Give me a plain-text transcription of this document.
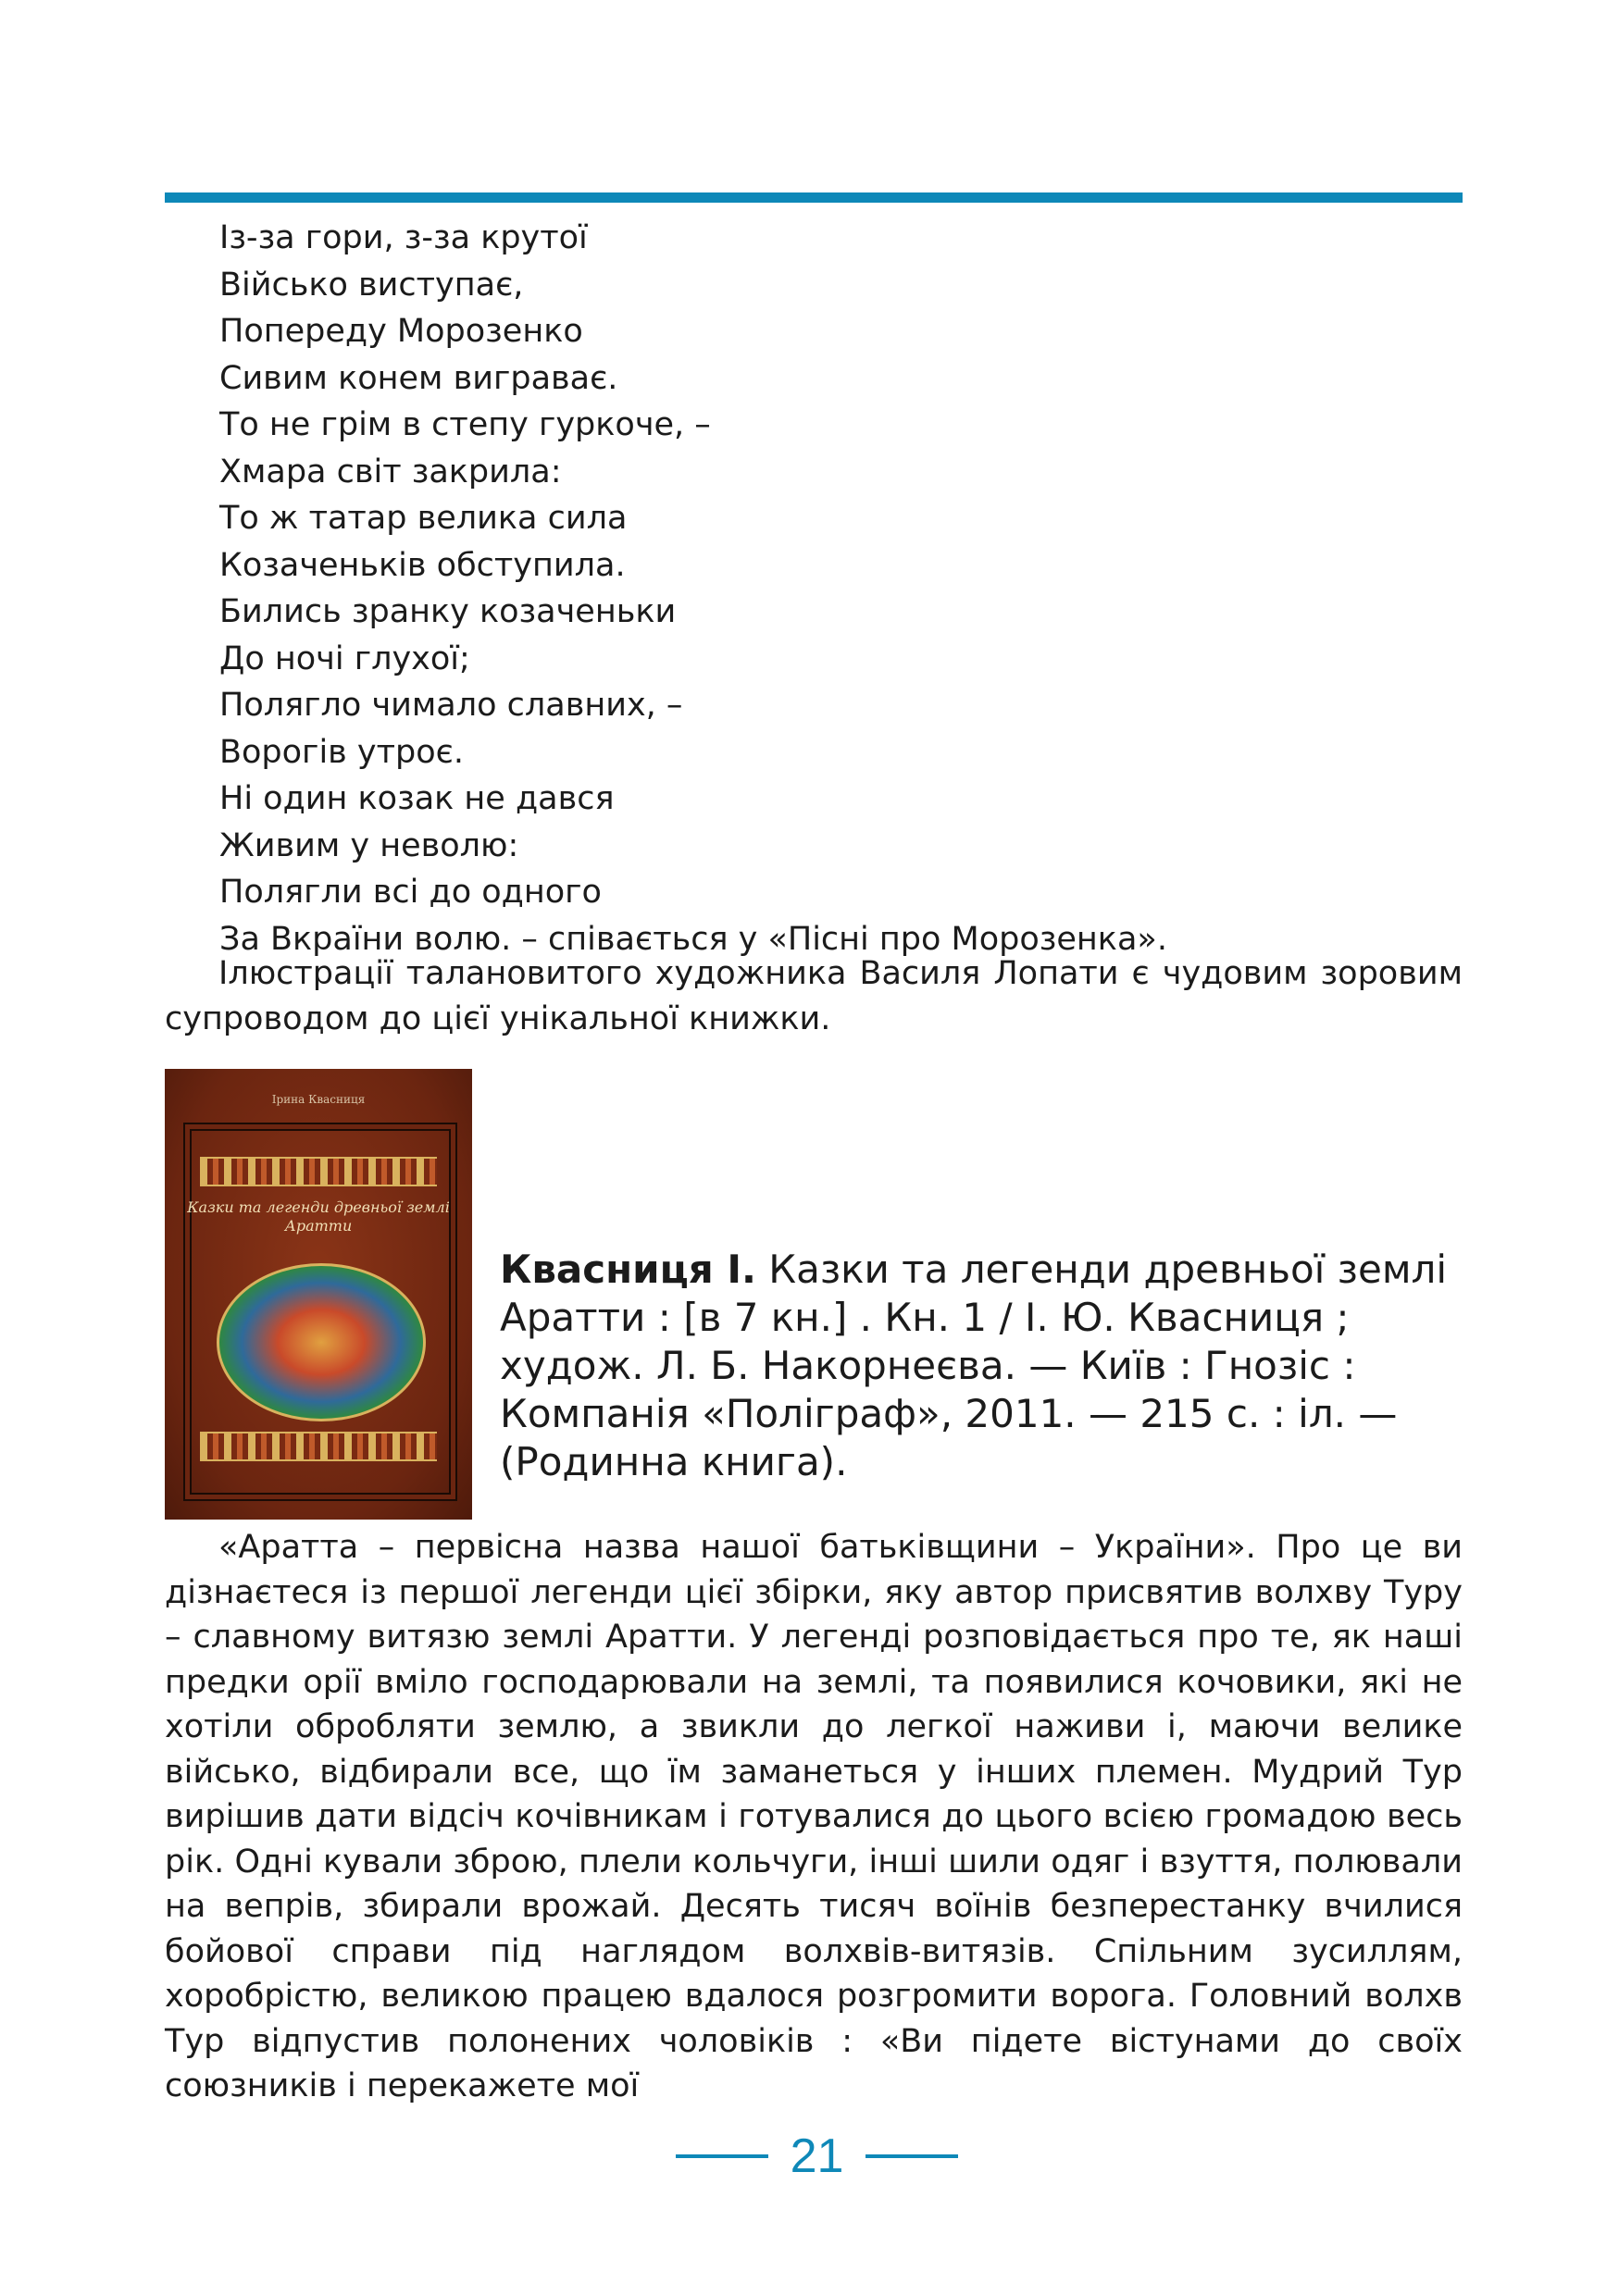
Із-за гори, з-за крутої
Військо виступає,
Попереду Морозенко
Сивим конем виграває.
То не грім в степу гуркоче, –
Хмара світ закрила:
То ж татар велика сила
Козаченьків обступила.
Бились зранку козаченьки
До ночі глухої;
Полягло чимало славних, –
Ворогів утроє.
Ні один козак не дався
Живим у неволю:
Полягли всі до одного
За Вкраїни волю. – співається у «Пісні про Морозенка».

Ілюстрації талановитого художника Василя Лопати є чудовим зоровим супроводом до цієї унікальної книжки.

Ірина Квасниця
Казки та легенди древньої землі Аратти

Квасниця І. Казки та легенди древньої землі Аратти : [в 7 кн.] . Кн. 1 / І. Ю. Квасниця ; худож. Л. Б. Накорнеєва. — Київ : Гнозіс : Компанія «Поліграф», 2011. — 215 с. : іл. — (Родинна книга).

«Аратта – первісна назва нашої батьківщини – України». Про це ви дізнаєтеся із першої легенди цієї збірки, яку автор присвятив волхву Туру – славному витязю землі Аратти. У легенді розповідається про те, як наші предки орії вміло господарювали на землі, та появилися кочовики, які не хотіли обробляти землю, а звикли до легкої наживи і, маючи велике військо, відбирали все, що їм заманеться у інших племен. Мудрий Тур вирішив дати відсіч кочівникам і готувалися до цього всією громадою весь рік. Одні кували зброю, плели кольчуги, інші шили одяг і взуття, полювали на вепрів, збирали врожай. Десять тисяч воїнів безперестанку вчилися бойової справи під наглядом волхвів-витязів. Спільним зусиллям, хоробрістю, великою працею вдалося розгромити ворога. Головний волхв Тур відпустив полонених чоловіків : «Ви підете вістунами до своїх союзників і перекажете мої

21
